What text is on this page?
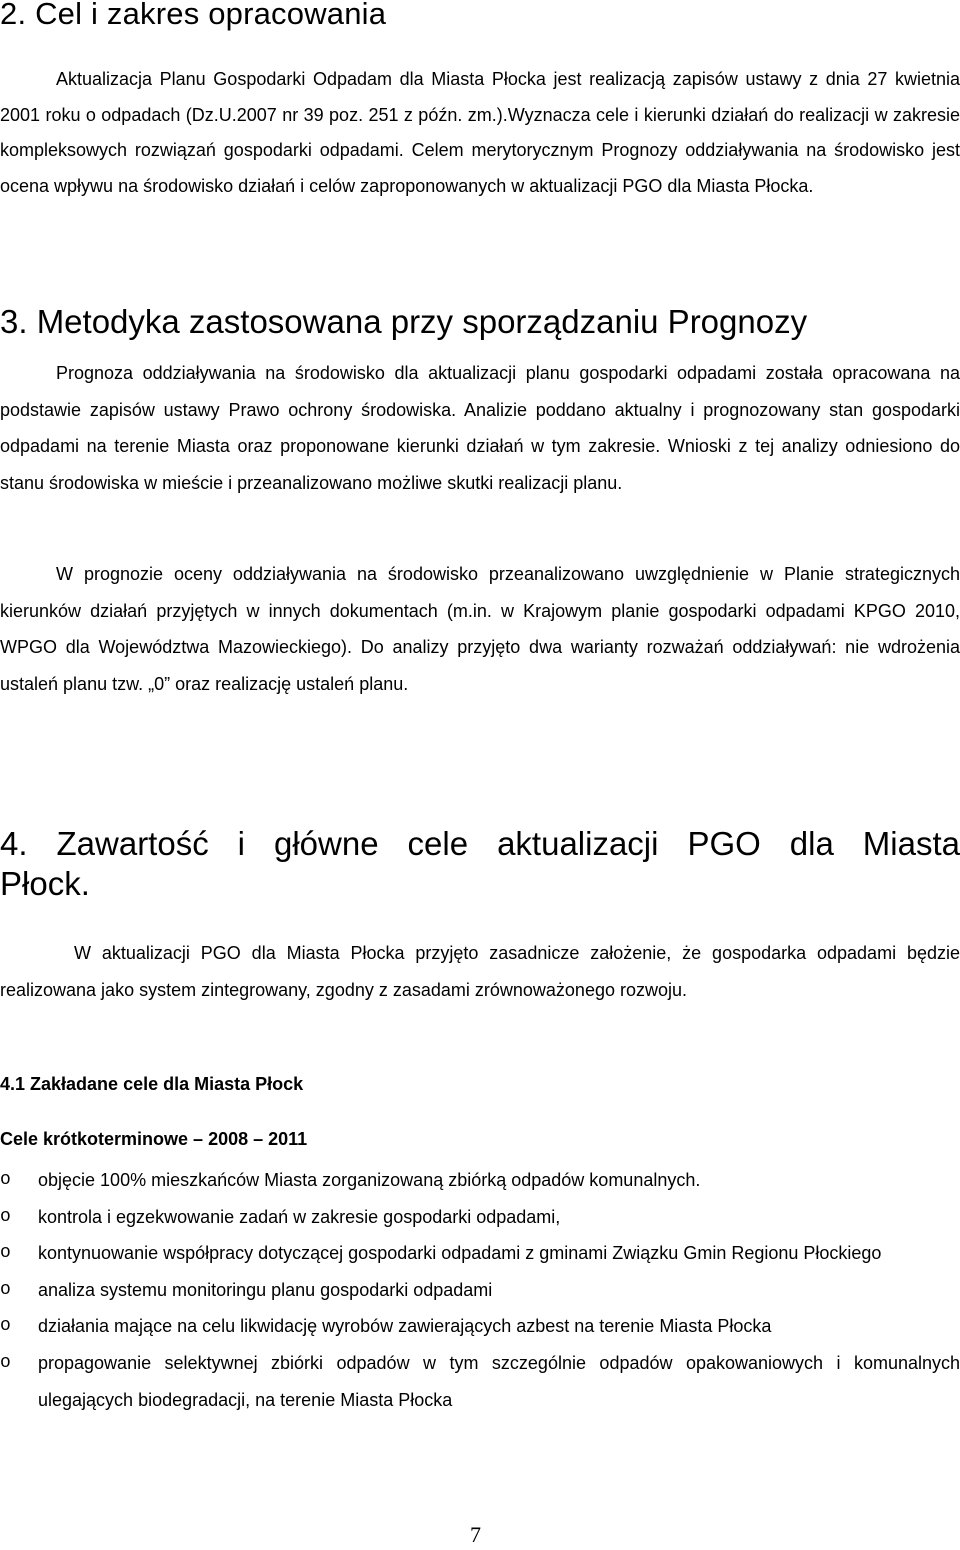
2. Cel i zakres opracowania

Aktualizacja Planu Gospodarki Odpadam dla Miasta Płocka jest realizacją zapisów ustawy z dnia 27 kwietnia 2001 roku o odpadach (Dz.U.2007 nr 39 poz. 251 z późn. zm.).Wyznacza cele i kierunki działań do realizacji w zakresie kompleksowych rozwiązań gospodarki odpadami. Celem merytorycznym Prognozy oddziaływania na środowisko jest ocena wpływu na środowisko działań i celów zaproponowanych w aktualizacji PGO dla Miasta Płocka.

3. Metodyka zastosowana przy sporządzaniu Prognozy

Prognoza oddziaływania na środowisko dla aktualizacji planu gospodarki odpadami została opracowana na podstawie zapisów ustawy Prawo ochrony środowiska. Analizie poddano aktualny i prognozowany stan gospodarki odpadami na terenie Miasta oraz proponowane kierunki działań w tym zakresie. Wnioski z tej analizy odniesiono do stanu środowiska w mieście i przeanalizowano możliwe skutki realizacji planu.

W prognozie oceny oddziaływania na środowisko przeanalizowano uwzględnienie w Planie strategicznych kierunków działań przyjętych w innych dokumentach (m.in. w Krajowym planie gospodarki odpadami KPGO 2010, WPGO dla Województwa Mazowieckiego). Do analizy przyjęto dwa warianty rozważań oddziaływań: nie wdrożenia ustaleń planu tzw. „0” oraz realizację ustaleń planu.

4. Zawartość i główne cele aktualizacji PGO dla Miasta Płock.

W aktualizacji PGO dla Miasta Płocka przyjęto zasadnicze założenie, że gospodarka odpadami będzie realizowana jako system zintegrowany, zgodny z zasadami zrównoważonego rozwoju.

4.1 Zakładane cele dla Miasta Płock
Cele krótkoterminowe – 2008 – 2011
o objęcie 100% mieszkańców Miasta zorganizowaną zbiórką odpadów komunalnych.
o kontrola i egzekwowanie zadań w zakresie gospodarki odpadami,
o kontynuowanie współpracy dotyczącej gospodarki odpadami z gminami Związku Gmin Regionu Płockiego
o analiza systemu monitoringu planu gospodarki odpadami
o działania mające na celu likwidację wyrobów zawierających azbest na terenie Miasta Płocka
o propagowanie selektywnej zbiórki odpadów w tym szczególnie odpadów opakowaniowych i komunalnych ulegających biodegradacji, na terenie Miasta Płocka
7
